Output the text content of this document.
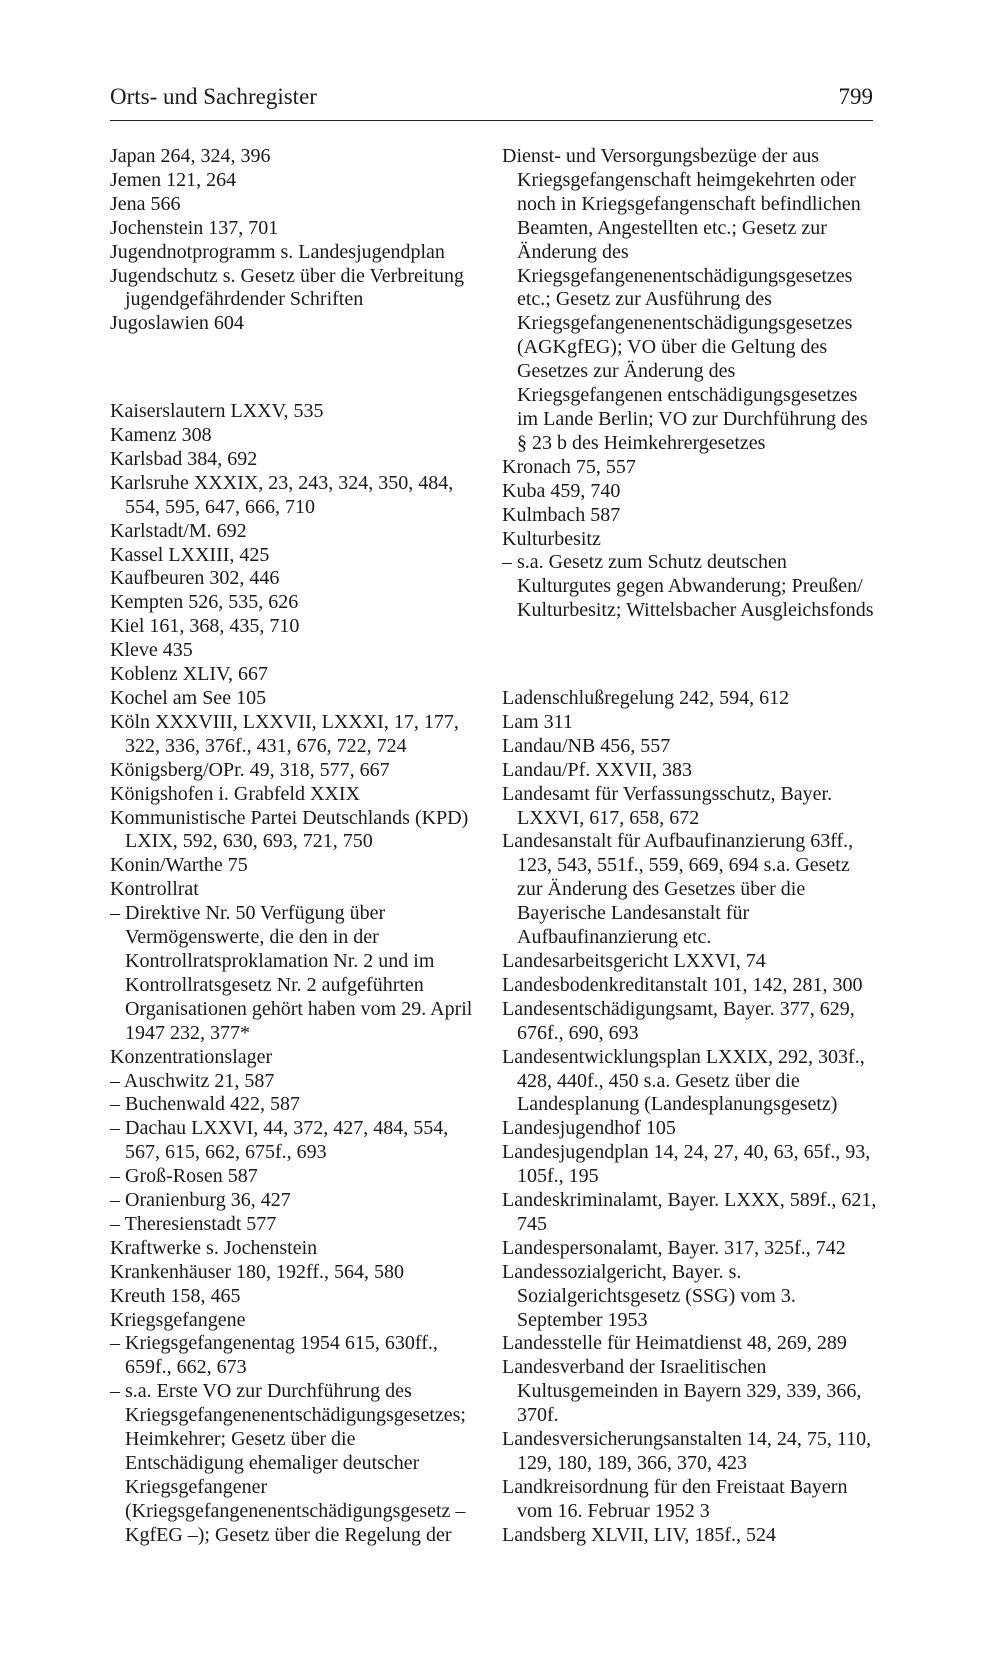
Orts- und Sachregister	799

Japan 264, 324, 396

Jemen 121, 264

Jena 566

Jochenstein 137, 701

Jugendnotprogramm s. Landesjugendplan

Jugendschutz s. Gesetz über die Verbreitung jugendgefährdender Schriften

Jugoslawien 604

Kaiserslautern LXXV, 535

Kamenz 308

Karlsbad 384, 692

Karlsruhe XXXIX, 23, 243, 324, 350, 484, 554, 595, 647, 666, 710

Karlstadt/M. 692

Kassel LXXIII, 425

Kaufbeuren 302, 446

Kempten 526, 535, 626

Kiel 161, 368, 435, 710

Kleve 435

Koblenz XLIV, 667

Kochel am See 105

Köln XXXVIII, LXXVII, LXXXI, 17, 177, 322, 336, 376f., 431, 676, 722, 724

Königsberg/OPr. 49, 318, 577, 667

Königshofen i. Grabfeld XXIX

Kommunistische Partei Deutschlands (KPD) LXIX, 592, 630, 693, 721, 750

Konin/Warthe 75

Kontrollrat

– Direktive Nr. 50 Verfügung über Vermögenswerte, die den in der Kontrollratsproklamation Nr. 2 und im Kontrollratsgesetz Nr. 2 aufgeführten Organisationen gehört haben vom 29. April 1947 232, 377*

Konzentrationslager

– Auschwitz 21, 587

– Buchenwald 422, 587

– Dachau LXXVI, 44, 372, 427, 484, 554, 567, 615, 662, 675f., 693

– Groß-Rosen 587

– Oranienburg 36, 427

– Theresienstadt 577

Kraftwerke s. Jochenstein

Krankenhäuser 180, 192ff., 564, 580

Kreuth 158, 465

Kriegsgefangene

– Kriegsgefangenentag 1954 615, 630ff., 659f., 662, 673

– s.a. Erste VO zur Durchführung des Kriegsgefangenenentschädigungsgesetzes; Heimkehrer; Gesetz über die Entschädigung ehemaliger deutscher Kriegsgefangener (Kriegsgefangenenentschädigungsgesetz – KgfEG –); Gesetz über die Regelung der

Dienst- und Versorgungsbezüge der aus Kriegsgefangenschaft heimgekehrten oder noch in Kriegsgefangenschaft befindlichen Beamten, Angestellten etc.; Gesetz zur Änderung des Kriegsgefangenenentschädigungsgesetzes etc.; Gesetz zur Ausführung des Kriegsgefangenenentschädigungsgesetzes (AGKgfEG); VO über die Geltung des Gesetzes zur Änderung des Kriegsgefangenen entschädigungsgesetzes im Lande Berlin; VO zur Durchführung des § 23 b des Heimkehrergesetzes

Kronach 75, 557

Kuba 459, 740

Kulmbach 587

Kulturbesitz

– s.a. Gesetz zum Schutz deutschen Kulturgutes gegen Abwanderung; Preußen/ Kulturbesitz; Wittelsbacher Ausgleichsfonds

Ladenschlußregelung 242, 594, 612

Lam 311

Landau/NB 456, 557

Landau/Pf. XXVII, 383

Landesamt für Verfassungsschutz, Bayer. LXXVI, 617, 658, 672

Landesanstalt für Aufbaufinanzierung 63ff., 123, 543, 551f., 559, 669, 694 s.a. Gesetz zur Änderung des Gesetzes über die Bayerische Landesanstalt für Aufbaufinanzierung etc.

Landesarbeitsgericht LXXVI, 74

Landesbodenkreditanstalt 101, 142, 281, 300

Landesentschädigungsamt, Bayer. 377, 629, 676f., 690, 693

Landesentwicklungsplan LXXIX, 292, 303f., 428, 440f., 450 s.a. Gesetz über die Landesplanung (Landesplanungsgesetz)

Landesjugendhof 105

Landesjugendplan 14, 24, 27, 40, 63, 65f., 93, 105f., 195

Landeskriminalamt, Bayer. LXXX, 589f., 621, 745

Landespersonalamt, Bayer. 317, 325f., 742

Landessozialgericht, Bayer. s. Sozialgerichtsgesetz (SSG) vom 3. September 1953

Landesstelle für Heimatdienst 48, 269, 289

Landesverband der Israelitischen Kultusgemeinden in Bayern 329, 339, 366, 370f.

Landesversicherungsanstalten 14, 24, 75, 110, 129, 180, 189, 366, 370, 423

Landkreisordnung für den Freistaat Bayern vom 16. Februar 1952 3

Landsberg XLVII, LIV, 185f., 524
